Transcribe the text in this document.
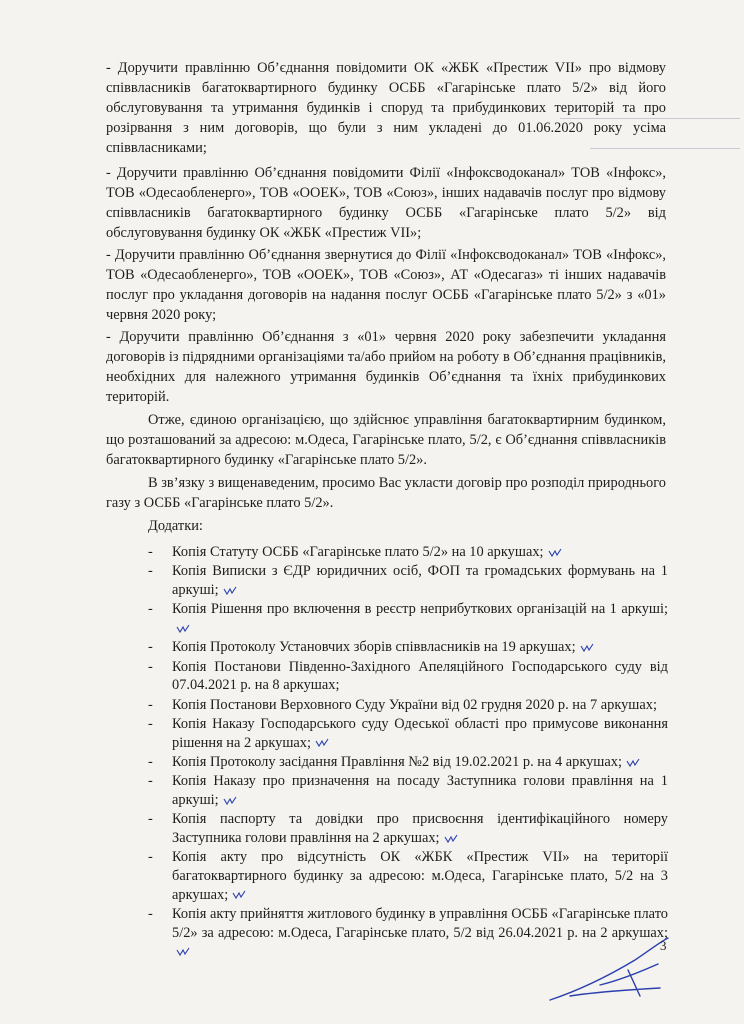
- Доручити правлінню Об’єднання повідомити ОК «ЖБК «Престиж VII» про відмову співвласників багатоквартирного будинку ОСББ «Гагарінське плато 5/2» від його обслуговування та утримання будинків і споруд та прибудинкових територій та про розірвання з ним договорів, що були з ним укладені до 01.06.2020 року усіма співвласниками;

- Доручити правлінню Об’єднання повідомити Філії «Інфоксводоканал» ТОВ «Інфокс», ТОВ «Одесаобленерго», ТОВ «ООЕК», ТОВ «Союз», інших надавачів послуг про відмову співвласників багатоквартирного будинку ОСББ «Гагарінське плато 5/2» від обслуговування будинку ОК «ЖБК «Престиж VII»;

- Доручити правлінню Об’єднання звернутися до Філії «Інфоксводоканал» ТОВ «Інфокс», ТОВ «Одесаобленерго», ТОВ «ООЕК», ТОВ «Союз», АТ «Одесагаз» ті інших надавачів послуг про укладання договорів на надання послуг ОСББ «Гагарінське плато 5/2» з «01» червня 2020 року;

- Доручити правлінню Об’єднання з «01» червня 2020 року забезпечити укладання договорів із підрядними організаціями та/або прийом на роботу в Об’єднання працівників, необхідних для належного утримання будинків Об’єднання та їхніх прибудинкових територій.

Отже, єдиною організацією, що здійснює управління багатоквартирним будинком, що розташований за адресою: м.Одеса, Гагарінське плато, 5/2, є Об’єднання співвласників багатоквартирного будинку «Гагарінське плато 5/2».

В зв’язку з вищенаведеним, просимо Вас укласти договір про розподіл природнього газу з ОСББ «Гагарінське плато 5/2».

Додатки:

- Копія Статуту ОСББ «Гагарінське плато 5/2» на 10 аркушах;
- Копія Виписки з ЄДР юридичних осіб, ФОП та громадських формувань на 1 аркуші;
- Копія Рішення про включення в реєстр неприбуткових організацій на 1 аркуші;
- Копія Протоколу Установчих зборів співвласників на 19 аркушах;
- Копія Постанови Південно-Західного Апеляційного Господарського суду від 07.04.2021 р. на 8 аркушах;
- Копія Постанови Верховного Суду України від 02 грудня 2020 р. на 7 аркушах;
- Копія Наказу Господарського суду Одеської області про примусове виконання рішення на 2 аркушах;
- Копія Протоколу засідання Правління №2 від 19.02.2021 р. на 4 аркушах;
- Копія Наказу про призначення на посаду Заступника голови правління на 1 аркуші;
- Копія паспорту та довідки про присвоєння ідентифікаційного номеру Заступника голови правління на 2 аркушах;
- Копія акту про відсутність ОК «ЖБК «Престиж VII» на території багатоквартирного будинку за адресою: м.Одеса, Гагарінське плато, 5/2 на 3 аркушах;
- Копія акту прийняття житлового будинку в управління ОСББ «Гагарінське плато 5/2» за адресою: м.Одеса, Гагарінське плато, 5/2 від 26.04.2021 р. на 2 аркушах;
3
